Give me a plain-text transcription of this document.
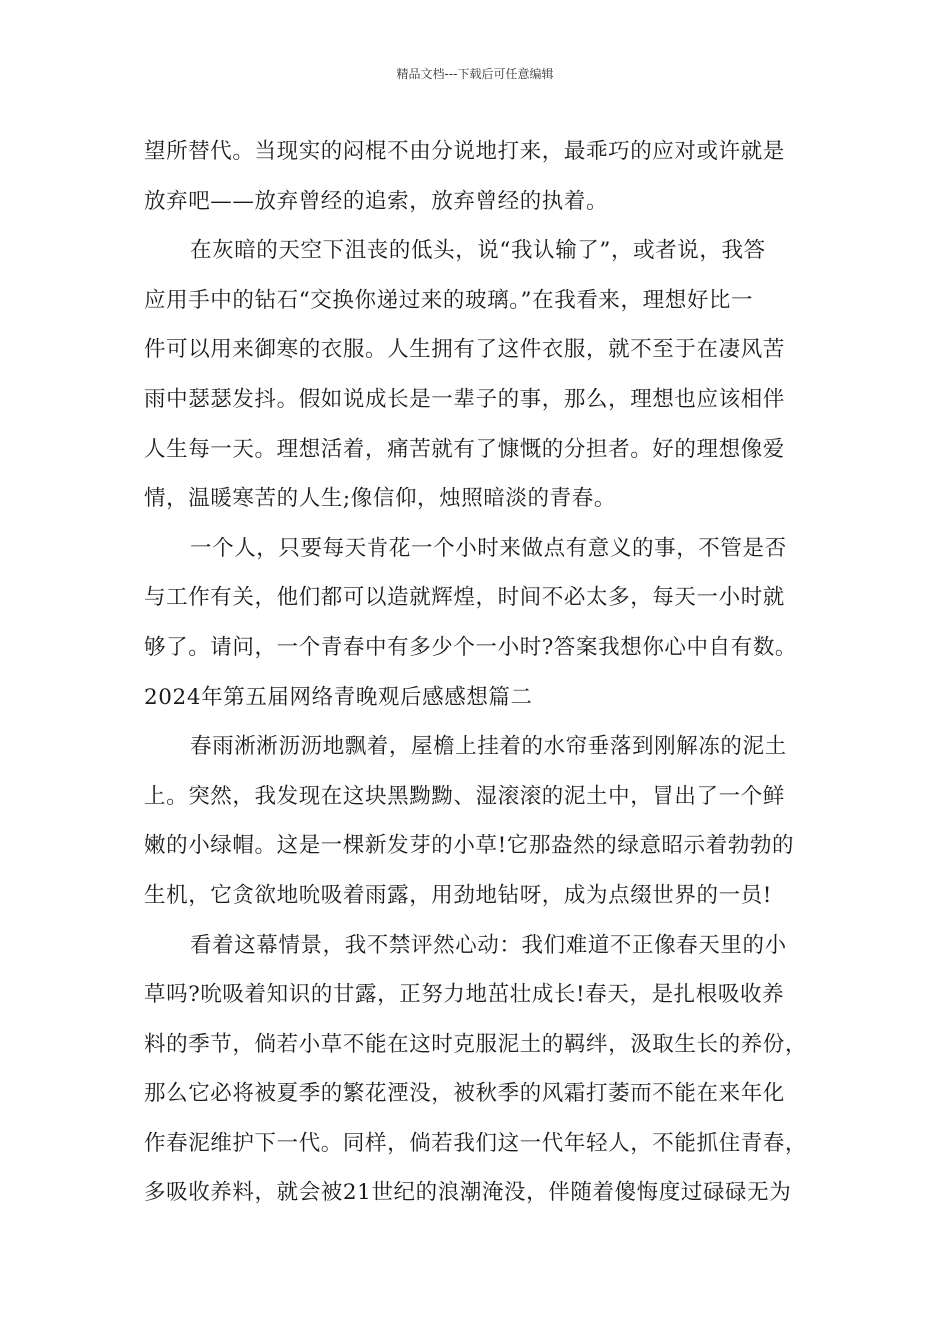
精品文档---下载后可任意编辑
望所替代。当现实的闷棍不由分说地打来，最乖巧的应对或许就是
放弃吧——放弃曾经的追索，放弃曾经的执着。
在灰暗的天空下沮丧的低头，说“我认输了”，或者说，我答
应用手中的钻石“交换你递过来的玻璃。”在我看来，理想好比一
件可以用来御寒的衣服。人生拥有了这件衣服，就不至于在凄风苦
雨中瑟瑟发抖。假如说成长是一辈子的事，那么，理想也应该相伴
人生每一天。理想活着，痛苦就有了慷慨的分担者。好的理想像爱
情，温暖寒苦的人生;像信仰，烛照暗淡的青春。
一个人，只要每天肯花一个小时来做点有意义的事，不管是否
与工作有关，他们都可以造就辉煌，时间不必太多，每天一小时就
够了。请问，一个青春中有多少个一小时?答案我想你心中自有数。
2024年第五届网络青晚观后感感想篇二
春雨淅淅沥沥地飘着，屋檐上挂着的水帘垂落到刚解冻的泥土
上。突然，我发现在这块黑黝黝、湿滚滚的泥土中，冒出了一个鲜
嫩的小绿帽。这是一棵新发芽的小草!它那盎然的绿意昭示着勃勃的
生机，它贪欲地吮吸着雨露，用劲地钻呀，成为点缀世界的一员!
看着这幕情景，我不禁评然心动：我们难道不正像春天里的小
草吗?吮吸着知识的甘露，正努力地茁壮成长!春天，是扎根吸收养
料的季节，倘若小草不能在这时克服泥土的羁绊，汲取生长的养份，
那么它必将被夏季的繁花湮没，被秋季的风霜打萎而不能在来年化
作春泥维护下一代。同样，倘若我们这一代年轻人，不能抓住青春，
多吸收养料，就会被21世纪的浪潮淹没，伴随着傻悔度过碌碌无为
